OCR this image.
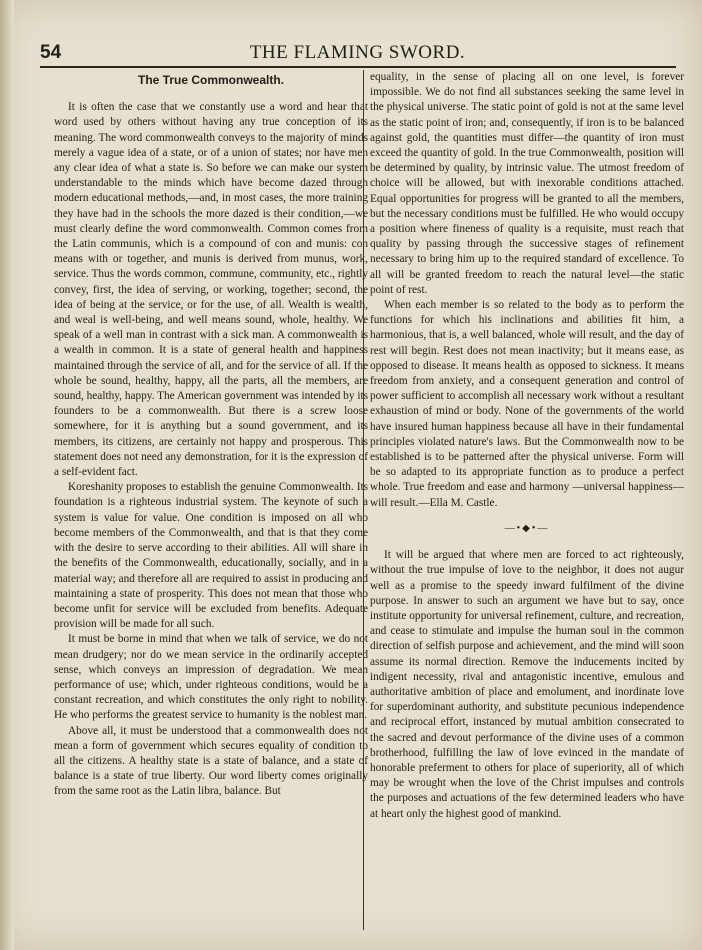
54	THE FLAMING SWORD.
The True Commonwealth.

It is often the case that we constantly use a word and hear that word used by others without having any true conception of its meaning. The word commonwealth conveys to the majority of minds merely a vague idea of a state, or of a union of states; nor have men any clear idea of what a state is. So before we can make our system understandable to the minds which have become dazed through modern educational methods,—and, in most cases, the more training they have had in the schools the more dazed is their condition,—we must clearly define the word commonwealth. Common comes from the Latin communis, which is a compound of con and munis: con means with or together, and munis is derived from munus, work, service. Thus the words common, commune, community, etc., rightly convey, first, the idea of serving, or working, together; second, the idea of being at the service, or for the use, of all. Wealth is wealth, and weal is well-being, and well means sound, whole, healthy. We speak of a well man in contrast with a sick man. A commonwealth is a wealth in common. It is a state of general health and happiness maintained through the service of all, and for the service of all. If the whole be sound, healthy, happy, all the parts, all the members, are sound, healthy, happy. The American government was intended by its founders to be a commonwealth. But there is a screw loose somewhere, for it is anything but a sound government, and its members, its citizens, are certainly not happy and prosperous. This statement does not need any demonstration, for it is the expression of a self-evident fact.

Koreshanity proposes to establish the genuine Commonwealth. Its foundation is a righteous industrial system. The keynote of such a system is value for value. One condition is imposed on all who become members of the Commonwealth, and that is that they come with the desire to serve according to their abilities. All will share in the benefits of the Commonwealth, educationally, socially, and in a material way; and therefore all are required to assist in producing and maintaining a state of prosperity. This does not mean that those who become unfit for service will be excluded from benefits. Adequate provision will be made for all such.

It must be borne in mind that when we talk of service, we do not mean drudgery; nor do we mean service in the ordinarily accepted sense, which conveys an impression of degradation. We mean performance of use; which, under righteous conditions, would be a constant recreation, and which constitutes the only right to nobility. He who performs the greatest service to humanity is the noblest man.

Above all, it must be understood that a commonwealth does not mean a form of government which secures equality of condition to all the citizens. A healthy state is a state of balance, and a state of balance is a state of true liberty. Our word liberty comes originally from the same root as the Latin libra, balance. But

equality, in the sense of placing all on one level, is forever impossible. We do not find all substances seeking the same level in the physical universe. The static point of gold is not at the same level as the static point of iron; and, consequently, if iron is to be balanced against gold, the quantities must differ—the quantity of iron must exceed the quantity of gold. In the true Commonwealth, position will be determined by quality, by intrinsic value. The utmost freedom of choice will be allowed, but with inexorable conditions attached. Equal opportunities for progress will be granted to all the members, but the necessary conditions must be fulfilled. He who would occupy a position where fineness of quality is a requisite, must reach that quality by passing through the successive stages of refinement necessary to bring him up to the required standard of excellence. To all will be granted freedom to reach the natural level—the static point of rest.

When each member is so related to the body as to perform the functions for which his inclinations and abilities fit him, a harmonious, that is, a well balanced, whole will result, and the day of rest will begin. Rest does not mean inactivity; but it means ease, as opposed to disease. It means health as opposed to sickness. It means freedom from anxiety, and a consequent generation and control of power sufficient to accomplish all necessary work without a resultant exhaustion of mind or body. None of the governments of the world have insured human happiness because all have in their fundamental principles violated nature's laws. But the Commonwealth now to be established is to be patterned after the physical universe. Form will be so adapted to its appropriate function as to produce a perfect whole. True freedom and ease and harmony —universal happiness—will result.—Ella M. Castle.

—•◆•—

It will be argued that where men are forced to act righteously, without the true impulse of love to the neighbor, it does not augur well as a promise to the speedy inward fulfilment of the divine purpose. In answer to such an argument we have but to say, once institute opportunity for universal refinement, culture, and recreation, and cease to stimulate and impulse the human soul in the common direction of selfish purpose and achievement, and the mind will soon assume its normal direction. Remove the inducements incited by indigent necessity, rival and antagonistic incentive, emulous and authoritative ambition of place and emolument, and inordinate love for superdominant authority, and substitute pecunious independence and reciprocal effort, instanced by mutual ambition consecrated to the sacred and devout performance of the divine uses of a common brotherhood, fulfilling the law of love evinced in the mandate of honorable preferment to others for place of superiority, all of which may be wrought when the love of the Christ impulses and controls the purposes and actuations of the few determined leaders who have at heart only the highest good of mankind.
